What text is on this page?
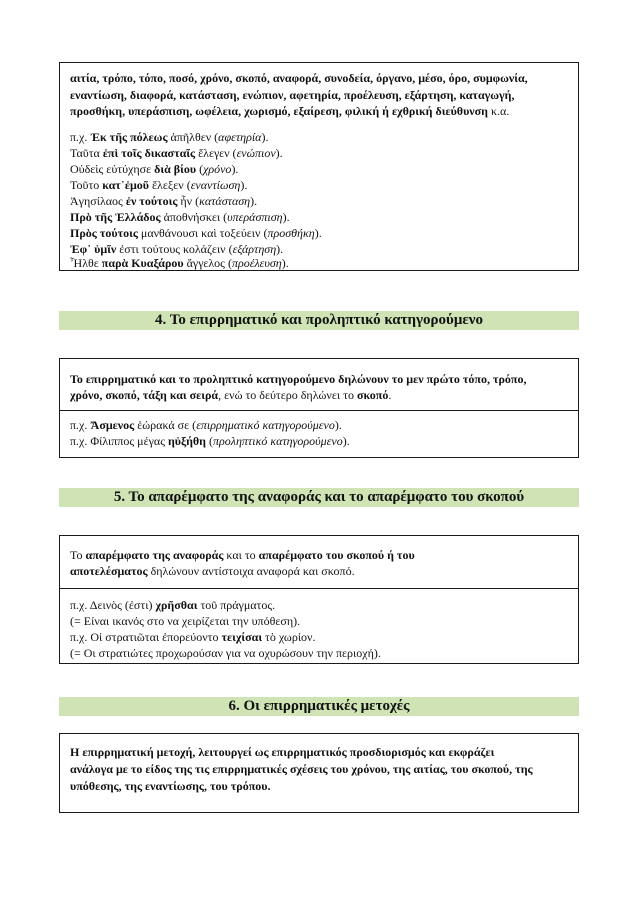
αιτία, τρόπο, τόπο, ποσό, χρόνο, σκοπό, αναφορά, συνοδεία, όργανο, μέσο, όρο, συμφωνία,
εναντίωση, διαφορά, κατάσταση, ενώπιον, αφετηρία, προέλευση, εξάρτηση, καταγωγή,
προσθήκη, υπεράσπιση, ωφέλεια, χωρισμό, εξαίρεση, φιλική ή εχθρική διεύθυνση κ.α.
π.χ. Ἐκ τῆς πόλεως ἀπῆλθεν (αφετηρία).
Ταῦτα ἐπὶ τοῖς δικασταῖς ἔλεγεν (ενώπιον).
Οὐδεὶς εὐτύχησε διὰ βίου (χρόνο).
Τοῦτο κατ᾽ἐμοῦ ἔλεξεν (εναντίωση).
Ἀγησίλαος ἐν τούτοις ἦν (κατάσταση).
Πρὸ τῆς Ἑλλάδος ἀποθνήσκει (υπεράσπιση).
Πρὸς τούτοις μανθάνουσι καὶ τοξεύειν (προσθήκη).
Ἐφ᾽ ὑμῖν ἐστι τούτους κολάζειν (εξάρτηση).
Ἦλθε παρὰ Κυαξάρου ἄγγελος (προέλευση).
4. Το επιρρηματικό και προληπτικό κατηγορούμενο
Το επιρρηματικό και το προληπτικό κατηγορούμενο δηλώνουν το μεν πρώτο τόπο, τρόπο,
χρόνο, σκοπό, τάξη και σειρά, ενώ το δεύτερο δηλώνει το σκοπό.
π.χ. Ἄσμενος ἑώρακά σε (επιρρηματικό κατηγορούμενο).
π.χ. Φίλιππος μέγας ηὐξήθη (προληπτικό κατηγορούμενο).
5. Το απαρέμφατο της αναφοράς και το απαρέμφατο του σκοπού
Το απαρέμφατο της αναφοράς και το απαρέμφατο του σκοπού ή του
αποτελέσματος δηλώνουν αντίστοιχα αναφορά και σκοπό.
π.χ. Δεινὸς (ἐστι) χρῆσθαι τοῦ πράγματος.
(= Είναι ικανός στο να χειρίζεται την υπόθεση).
π.χ. Οἱ στρατιῶται ἐπορεύοντο τειχίσαι τὸ χωρίον.
(= Οι στρατιώτες προχωρούσαν για να οχυρώσουν την περιοχή).
6. Οι επιρρηματικές μετοχές
Η επιρρηματική μετοχή, λειτουργεί ως επιρρηματικός προσδιορισμός και εκφράζει
ανάλογα με το είδος της τις επιρρηματικές σχέσεις του χρόνου, της αιτίας, του σκοπού, της
υπόθεσης, της εναντίωσης, του τρόπου.
